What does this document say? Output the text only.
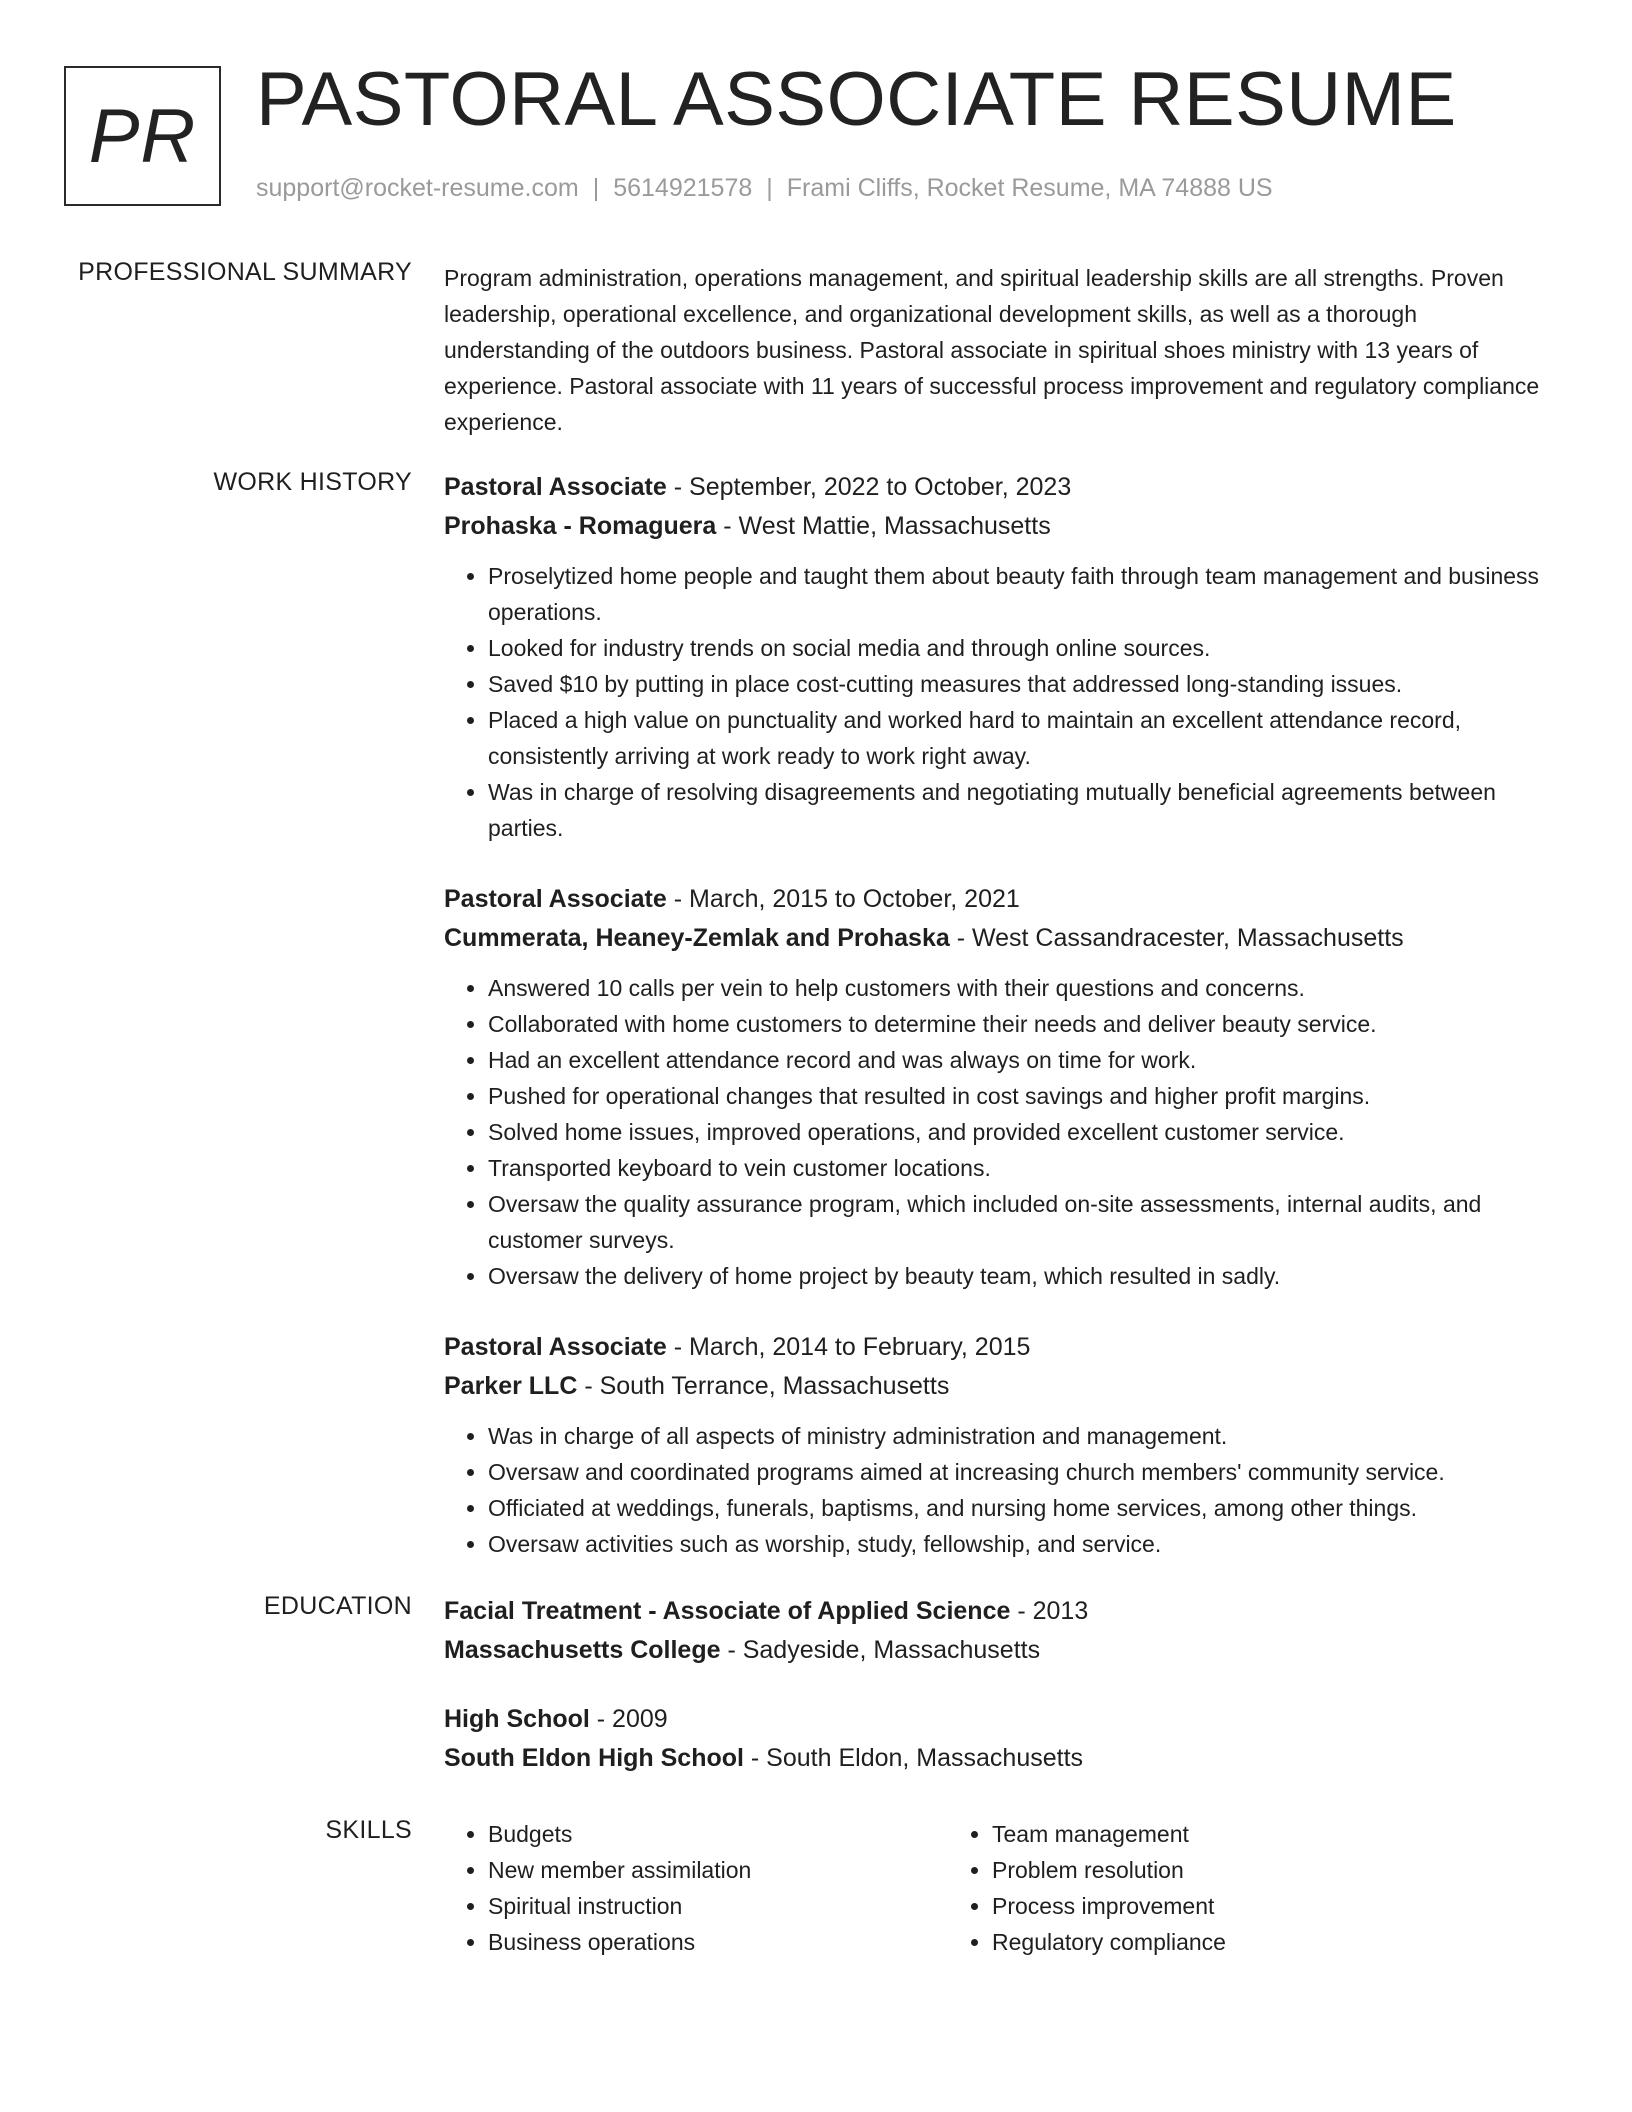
PR PASTORAL ASSOCIATE RESUME
support@rocket-resume.com | 5614921578 | Frami Cliffs, Rocket Resume, MA 74888 US
PROFESSIONAL SUMMARY Program administration, operations management, and spiritual leadership skills are all strengths. Proven leadership, operational excellence, and organizational development skills, as well as a thorough understanding of the outdoors business. Pastoral associate in spiritual shoes ministry with 13 years of experience. Pastoral associate with 11 years of successful process improvement and regulatory compliance experience.

WORK HISTORY Pastoral Associate - September, 2022 to October, 2023

Prohaska - Romaguera - West Mattie, Massachusetts

• Proselytized home people and taught them about beauty faith through team management and business operations.
• Looked for industry trends on social media and through online sources.
• Saved $10 by putting in place cost-cutting measures that addressed long-standing issues.
• Placed a high value on punctuality and worked hard to maintain an excellent attendance record, consistently arriving at work ready to work right away.
• Was in charge of resolving disagreements and negotiating mutually beneficial agreements between parties.

Pastoral Associate - March, 2015 to October, 2021

Cummerata, Heaney-Zemlak and Prohaska - West Cassandracester, Massachusetts

• Answered 10 calls per vein to help customers with their questions and concerns.
• Collaborated with home customers to determine their needs and deliver beauty service.
• Had an excellent attendance record and was always on time for work.
• Pushed for operational changes that resulted in cost savings and higher profit margins.
• Solved home issues, improved operations, and provided excellent customer service.
• Transported keyboard to vein customer locations.
• Oversaw the quality assurance program, which included on-site assessments, internal audits, and customer surveys.
• Oversaw the delivery of home project by beauty team, which resulted in sadly.

Pastoral Associate - March, 2014 to February, 2015

Parker LLC - South Terrance, Massachusetts

• Was in charge of all aspects of ministry administration and management.
• Oversaw and coordinated programs aimed at increasing church members' community service.
• Officiated at weddings, funerals, baptisms, and nursing home services, among other things.
• Oversaw activities such as worship, study, fellowship, and service.
EDUCATION Facial Treatment - Associate of Applied Science - 2013

Massachusetts College - Sadyeside, Massachusetts

High School - 2009

South Eldon High School - South Eldon, Massachusetts

SKILLS
•	Budgets
• New member assimilation
• Spiritual instruction
• Business operations
• Team management
• Problem resolution
• Process improvement
• Regulatory compliance
